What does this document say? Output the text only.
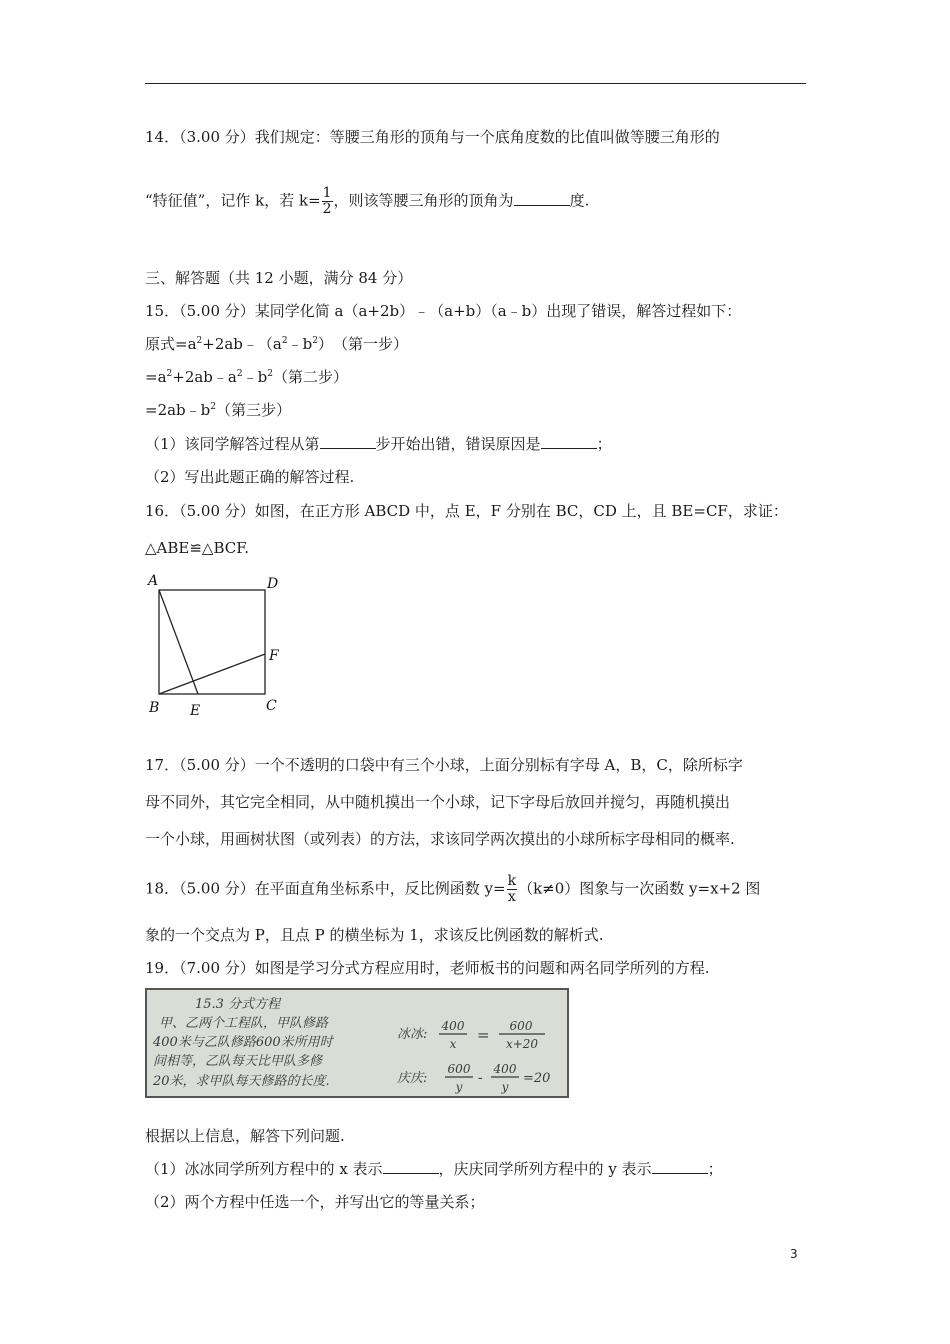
14．（3.00 分）我们规定：等腰三角形的顶角与一个底角度数的比值叫做等腰三角形的
“特征值”，记作 k，若 $k= \frac{1}{2}$ ，则该等腰三角形的顶角为	度.
三、解答题（共 12 小题，满分 84 分）
15．（5.00 分）某同学化简 a（a+2b）﹣（a+b）（a﹣b）出现了错误，解答过程如下：
原式$=a^2+2ab﹣(a^2﹣b^2)$　（第一步）
$=a^2+2ab﹣a^2﹣b^2$（第二步）
$=2ab﹣b^2$（第三步）
（1）该同学解答过程从第	步开始出错，错误原因是	；
（2）写出此题正确的解答过程.
16．（5.00 分）如图，在正方形 ABCD 中，点 E，F 分别在 BC，CD 上，且 BE=CF，求证：
△ABE≌△BCF.
A	D
F
B E	C
17．（5.00 分）一个不透明的口袋中有三个小球，上面分别标有字母 A，B，C，除所标字
母不同外，其它完全相同，从中随机摸出一个小球，记下字母后放回并搅匀，再随机摸出
一个小球，用画树状图（或列表）的方法，求该同学两次摸出的小球所标字母相同的概率.
18．（5.00 分）在平面直角坐标系中，反比例函数 $y= \frac{k}{x} (k\ne 0)$图象与一次函数 y=x+2 图
象的一个交点为 P，且点 P 的横坐标为 1，求该反比例函数的解析式.
19．（7.00 分）如图是学习分式方程应用时，老师板书的问题和两名同学所列的方程.
15.3 分式方程
甲、乙两个工程队，甲队修路
400米与乙队修路600米所用时
间相等，乙队每天比甲队多修
20米，求甲队每天修路的长度.
冰冰:
400
x = 600
x+20
庆庆:
600
y
-
400
y
=20
根据以上信息，解答下列问题.
（1）冰冰同学所列方程中的 x 表示	，庆庆同学所列方程中的 y 表示	；
（2）两个方程中任选一个，并写出它的等量关系；
3
